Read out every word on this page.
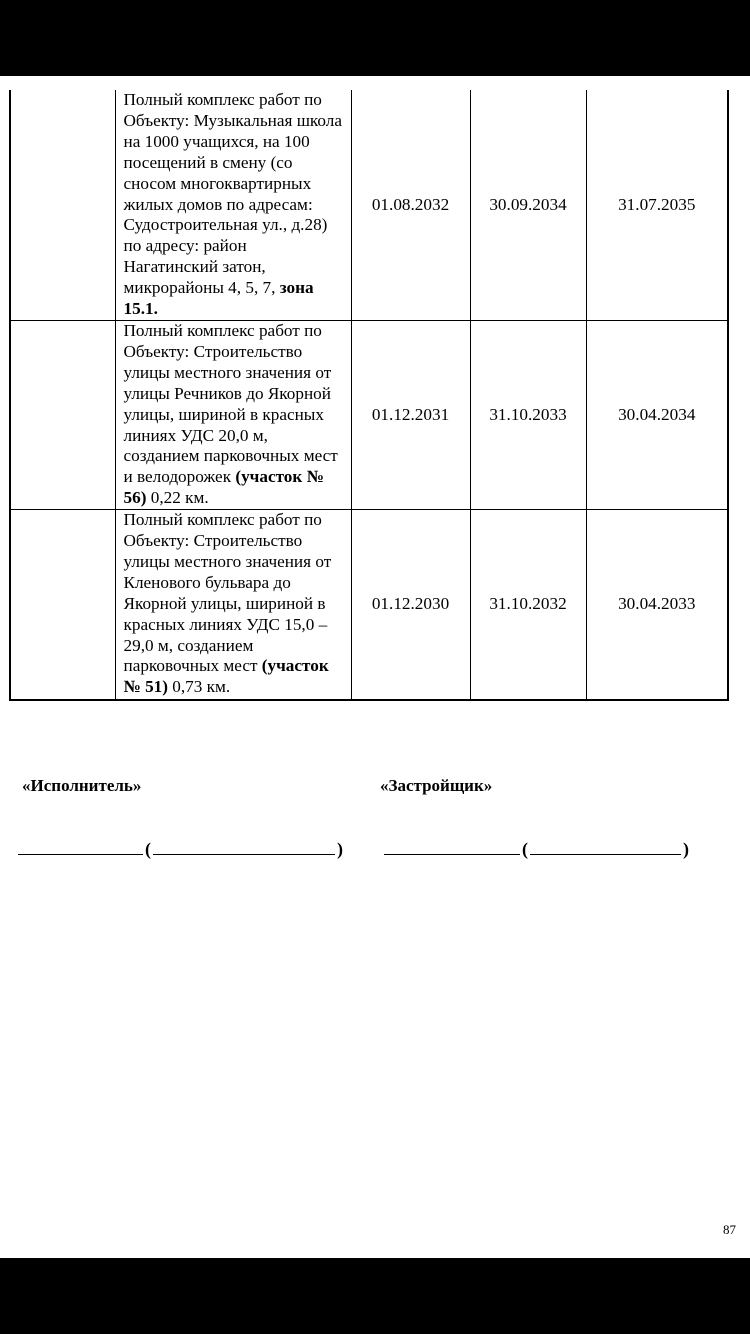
	Полный комплекс работ по Объекту: Музыкальная школа на 1000 учащихся, на 100 посещений в смену (со сносом многоквартирных жилых домов по адресам: Судостроительная ул., д.28) по адресу: район Нагатинский затон, микрорайоны 4, 5, 7, зона 15.1.	01.08.2032	30.09.2034	31.07.2035
	Полный комплекс работ по Объекту: Строительство улицы местного значения от улицы Речников до Якорной улицы, шириной в красных линиях УДС 20,0 м, созданием парковочных мест и велодорожек (участок № 56) 0,22 км.	01.12.2031	31.10.2033	30.04.2034
	Полный комплекс работ по Объекту: Строительство улицы местного значения от Кленового бульвара до Якорной улицы, шириной в красных линиях УДС 15,0 – 29,0 м, созданием парковочных мест (участок № 51) 0,73 км.	01.12.2030	31.10.2032	30.04.2033
«Исполнитель»	«Застройщик»
(	)	(	)
87
